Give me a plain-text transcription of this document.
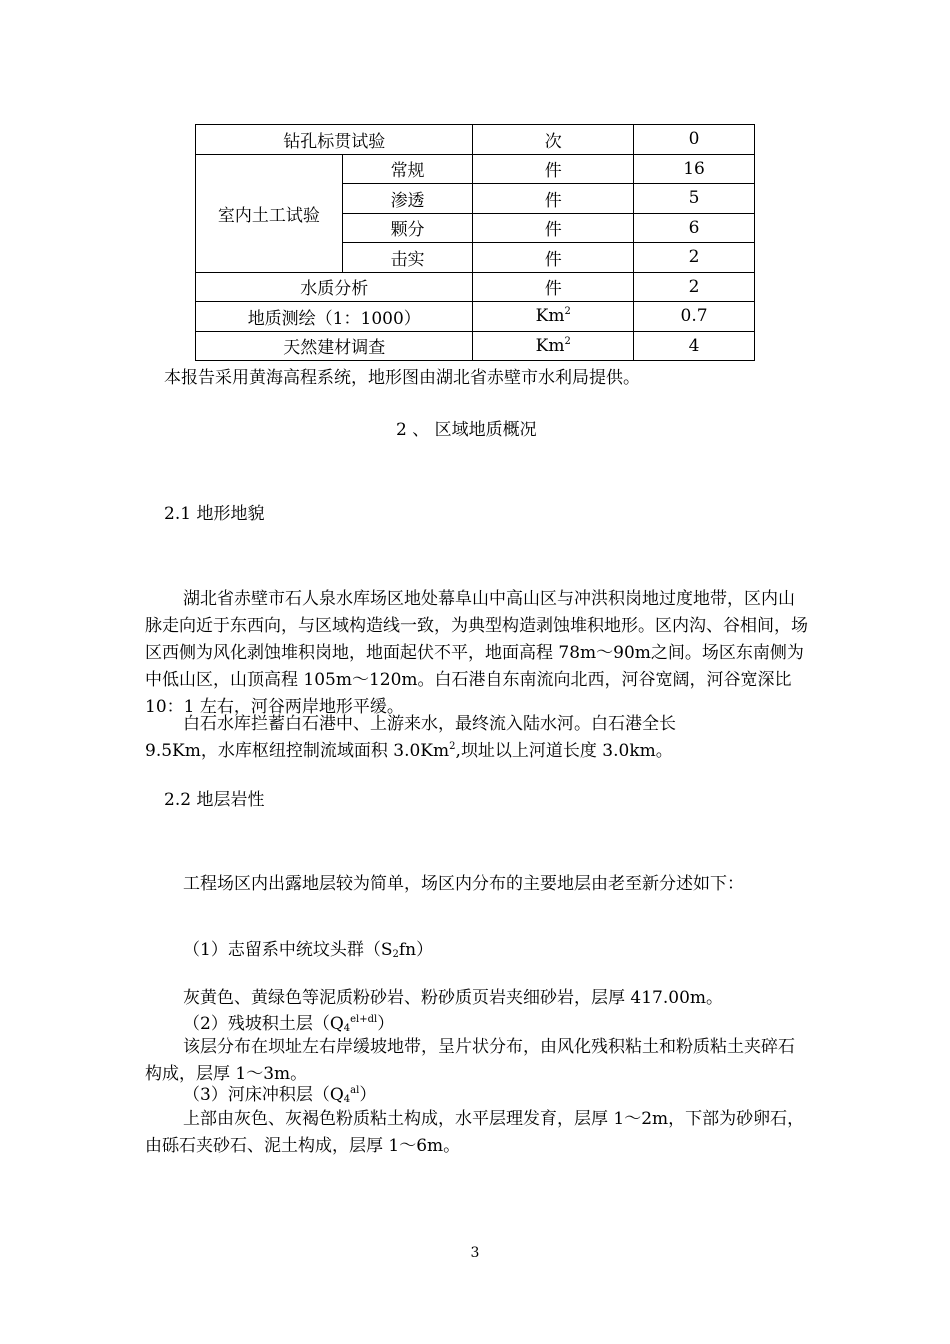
钻孔标贯试验		次	0
室内土工试验	常规	件	16
	渗透	件	5
	颗分	件	6
	击实	件	2
水质分析		件	2
地质测绘（1：1000）		Km$^2$	0.7
天然建材调查		Km$^2$	4
本报告采用黄海高程系统，地形图由湖北省赤壁市水利局提供。
2 、 区域地质概况
2.1 地形地貌
湖北省赤壁市石人泉水库场区地处幕阜山中高山区与冲洪积岗地过度地带，区内山脉走向近于东西向，与区域构造线一致，为典型构造剥蚀堆积地形。区内沟、谷相间，场区西侧为风化剥蚀堆积岗地，地面起伏不平，地面高程 78m～90m之间。场区东南侧为中低山区，山顶高程 105m～120m。白石港自东南流向北西，河谷宽阔，河谷宽深比 10：1 左右，河谷两岸地形平缓。
白石水库拦蓄白石港中、上游来水，最终流入陆水河。白石港全长
9.5Km，水库枢纽控制流域面积 3.0Km$^2$,坝址以上河道长度 3.0km。
2.2 地层岩性
工程场区内出露地层较为简单，场区内分布的主要地层由老至新分述如下：
（1）志留系中统坟头群$(S_2fn)$
灰黄色、黄绿色等泥质粉砂岩、粉砂质页岩夹细砂岩，层厚 417.00m。
（2）残坡积土层$(Q_4^{el+dl})$
该层分布在坝址左右岸缓坡地带，呈片状分布，由风化残积粘土和粉质粘土夹碎石构成，层厚 1～3m。
（3）河床冲积层$(Q_4^{al})$
上部由灰色、灰褐色粉质粘土构成，水平层理发育，层厚 1～2m，下部为砂卵石，由砾石夹砂石、泥土构成，层厚 1～6m。
3
